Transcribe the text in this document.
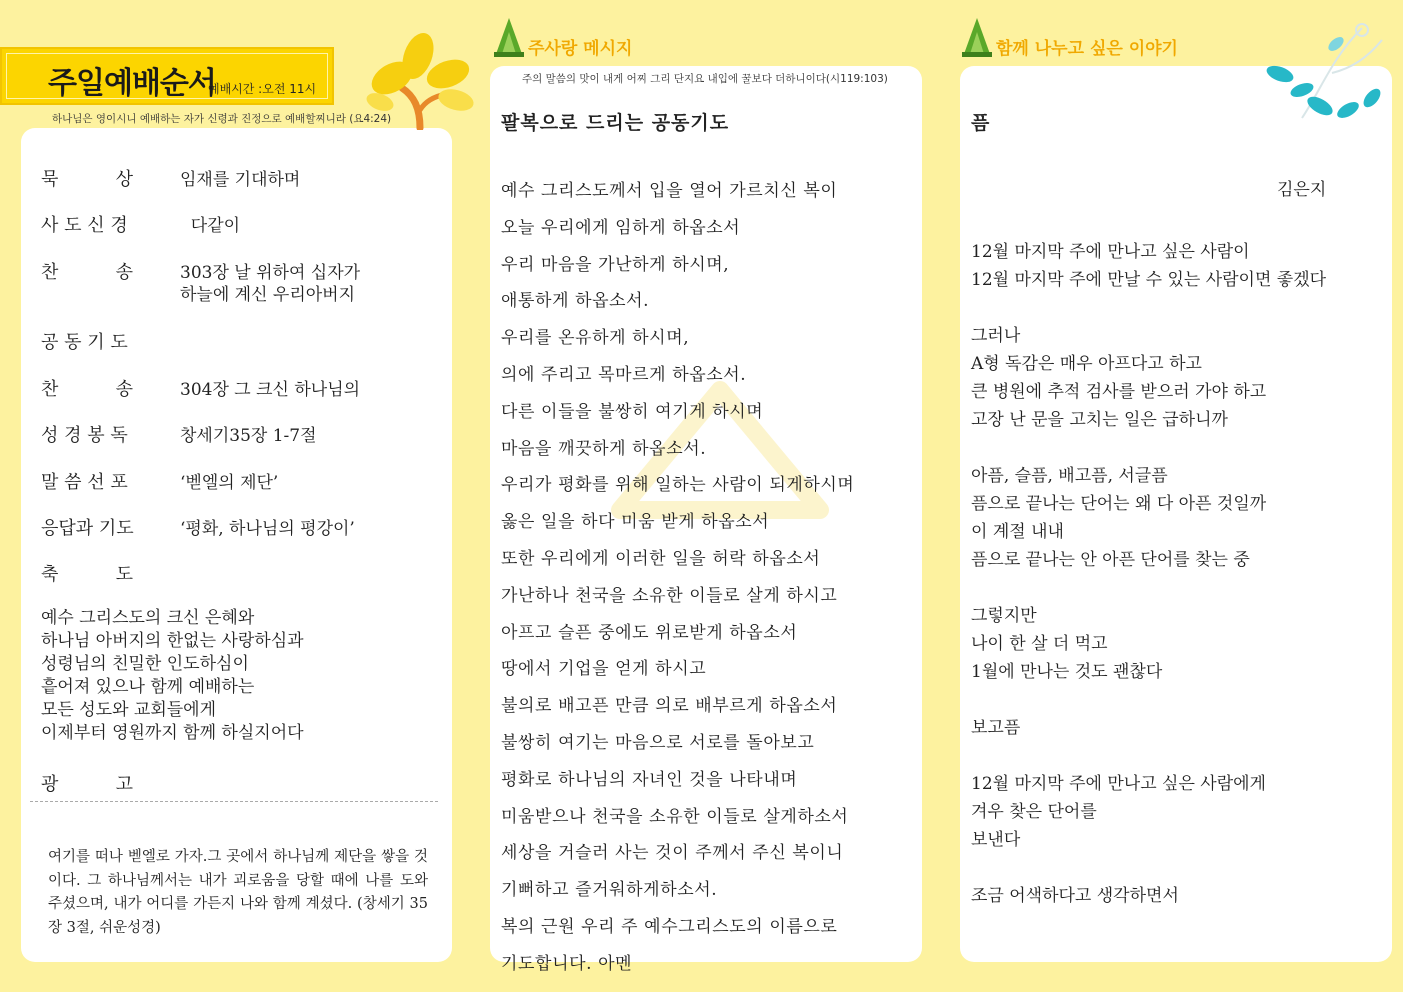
주일예배순서
예배시간 :오전 11시
하나님은 영이시니 예배하는 자가 신령과 진정으로 예배할찌니라 (요4:24)
묵          상	임재를 기대하며
사 도 신 경	다같이
찬          송	303장 날 위하여 십자가
하늘에 계신 우리아버지
공 동 기 도
찬          송	304장 그 크신 하나님의
성 경 봉 독	창세기35장 1-7절
말 씀 선 포	‘벧엘의 제단’
응답과 기도	‘평화, 하나님의 평강이’
축          도
예수 그리스도의 크신 은혜와
하나님 아버지의 한없는 사랑하심과
성령님의 친밀한 인도하심이
흩어져 있으나 함께 예배하는
모든 성도와 교회들에게
이제부터 영원까지 함께 하실지어다
광          고
여기를 떠나 벧엘로 가자.그 곳에서 하나님께 제단을 쌓을 것이다. 그 하나님께서는 내가 괴로움을 당할 때에 나를 도와 주셨으며, 내가 어디를 가든지 나와 함께 계셨다. (창세기 35장 3절, 쉬운성경)
주사랑 메시지
주의 말씀의 맛이 내게 어찌 그리 단지요 내입에 꿀보다 더하니이다(시119:103)
팔복으로 드리는 공동기도
예수 그리스도께서 입을 열어 가르치신 복이
오늘 우리에게 임하게 하옵소서
우리 마음을 가난하게 하시며,
애통하게 하옵소서.
우리를 온유하게 하시며,
의에 주리고 목마르게 하옵소서.
다른 이들을 불쌍히 여기게 하시며
마음을 깨끗하게 하옵소서.
우리가 평화를 위해 일하는 사람이 되게하시며
옳은 일을 하다 미움 받게 하옵소서
또한 우리에게 이러한 일을 허락 하옵소서
가난하나 천국을 소유한 이들로 살게 하시고
아프고 슬픈 중에도 위로받게 하옵소서
땅에서 기업을 얻게 하시고
불의로 배고픈 만큼 의로 배부르게 하옵소서
불쌍히 여기는 마음으로 서로를 돌아보고
평화로 하나님의 자녀인 것을 나타내며
미움받으나 천국을 소유한 이들로 살게하소서
세상을 거슬러 사는 것이 주께서 주신 복이니
기뻐하고 즐거워하게하소서.
복의 근원 우리 주 예수그리스도의 이름으로
기도합니다. 아멘
함께 나누고 싶은 이야기
픔
김은지
12월 마지막 주에 만나고 싶은 사람이
12월 마지막 주에 만날 수 있는 사람이면 좋겠다
그러나
A형 독감은 매우 아프다고 하고
큰 병원에 추적 검사를 받으러 가야 하고
고장 난 문을 고치는 일은 급하니까
아픔, 슬픔, 배고픔, 서글픔
픔으로 끝나는 단어는 왜 다 아픈 것일까
이 계절 내내
픔으로 끝나는 안 아픈 단어를 찾는 중
그렇지만
나이 한 살 더 먹고
1월에 만나는 것도 괜찮다
보고픔
12월 마지막 주에 만나고 싶은 사람에게
겨우 찾은 단어를
보낸다
조금 어색하다고 생각하면서
